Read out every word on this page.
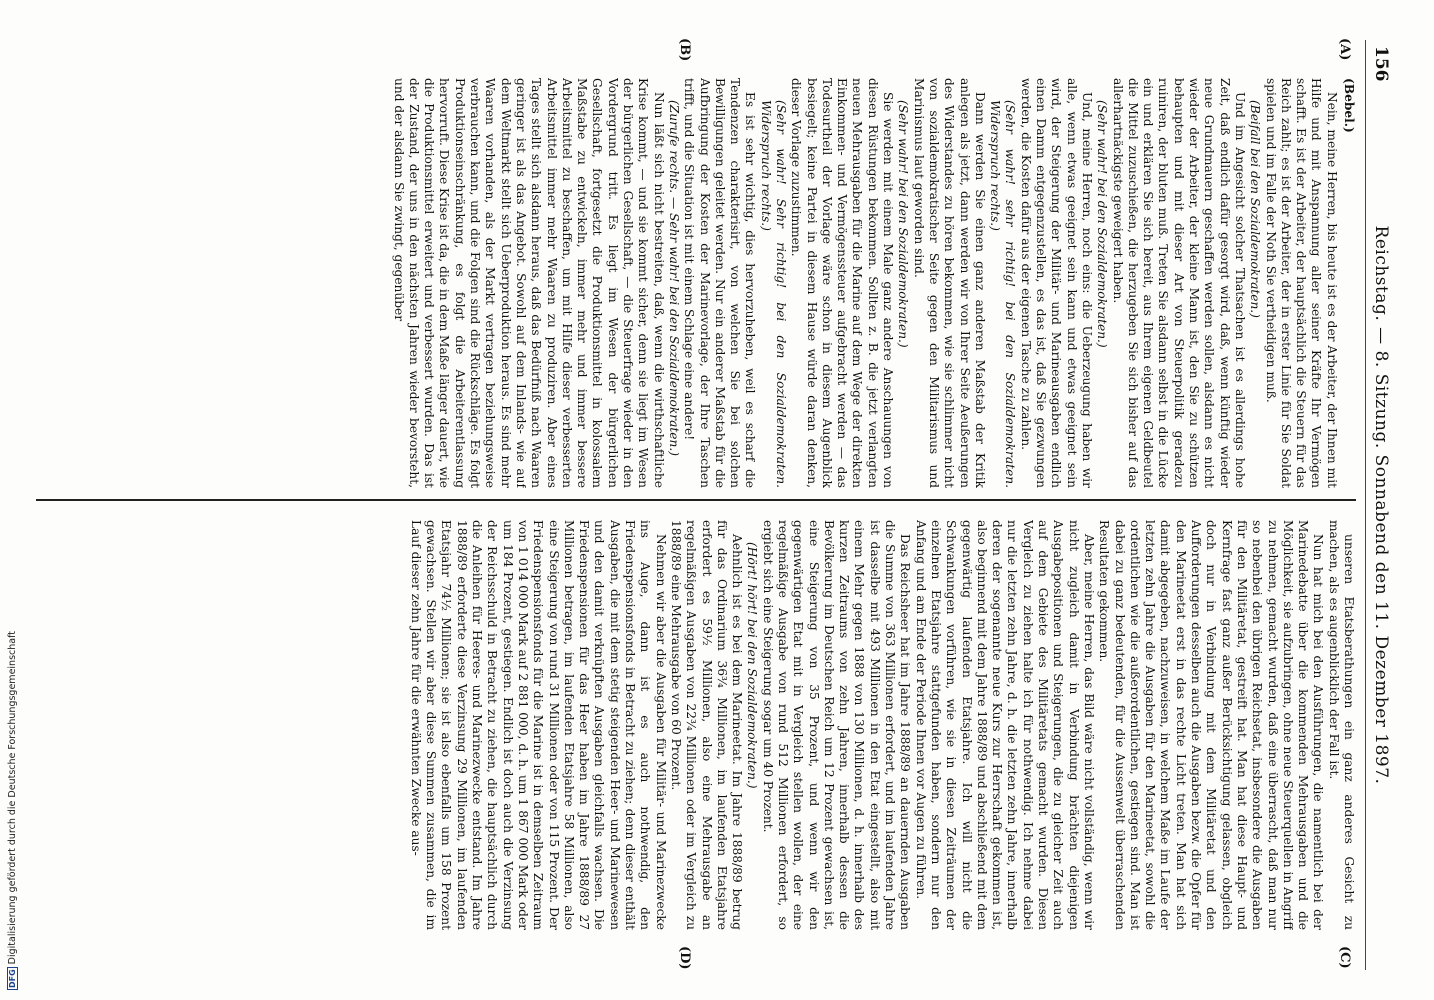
156
Reichstag. — 8. Sitzung. Sonnabend den 11. Dezember 1897.
(A)
(B)
(C)
(D)
(Bebel.)

Nein, meine Herren, bis heute ist es der Arbeiter, der Ihnen mit Hilfe und mit Anspannung aller seiner Kräfte Ihr Vermögen schafft. Es ist der Arbeiter, der hauptsächlich die Steuern für das Reich zahlt; es ist der Arbeiter, der in erster Linie für Sie Soldat spielen und im Falle der Noth Sie vertheidigen muß.

(Beifall bei den Sozialdemokraten.)

Und im Angesicht solcher Thatsachen ist es allerdings hohe Zeit, daß endlich dafür gesorgt wird, daß, wenn künftig wieder neue Grundmauern geschaffen werden sollen, alsdann es nicht wieder der Arbeiter, der kleine Mann ist, den Sie zu schützen behaupten und mit dieser Art von Steuerpolitik geradezu ruiniren, der bluten muß. Treten Sie alsdann selbst in die Lücke ein und erklären Sie sich bereit, aus Ihrem eigenen Geldbeutel die Mittel zuzuschießen, die herzugeben Sie sich bisher auf das allerhartnäckigste geweigert haben.

(Sehr wahr! bei den Sozialdemokraten.)

Und, meine Herren, noch eins: die Ueberzeugung haben wir alle, wenn etwas geeignet sein kann und etwas geeignet sein wird, der Steigerung der Militär- und Marineausgaben endlich einen Damm entgegenzustellen, es das ist, daß Sie gezwungen werden, die Kosten dafür aus der eigenen Tasche zu zahlen.

(Sehr wahr! sehr richtig! bei den Sozialdemokraten. Widerspruch rechts.)

Dann werden Sie einen ganz anderen Maßstab der Kritik anlegen als jetzt, dann werden wir von Ihrer Seite Aeußerungen des Widerstandes zu hören bekommen, wie sie schlimmer nicht von sozialdemokratischer Seite gegen den Militarismus und Marinismus laut geworden sind.

(Sehr wahr! bei den Sozialdemokraten.)

Sie werden mit einem Male ganz andere Anschauungen von diesen Rüstungen bekommen. Sollten z. B. die jetzt verlangten neuen Mehrausgaben für die Marine auf dem Wege der direkten Einkommen- und Vermögenssteuer aufgebracht werden — das Todesurtheil der Vorlage wäre schon in diesem Augenblick besiegelt; keine Partei in diesem Hause würde daran denken, dieser Vorlage zuzustimmen.

(Sehr wahr! Sehr richtig! bei den Sozialdemokraten. Widerspruch rechts.)

Es ist sehr wichtig, dies hervorzuheben, weil es scharf die Tendenzen charakterisirt, von welchen Sie bei solchen Bewilligungen geleitet werden. Nur ein anderer Maßstab für die Aufbringung der Kosten der Marinevorlage, der Ihre Taschen trifft, und die Situation ist mit einem Schlage eine andere!

(Zurufe rechts. — Sehr wahr! bei den Sozialdemokraten.)

Nun läßt sich nicht bestreiten, daß, wenn die wirthschaftliche Krise kommt, — und sie kommt sicher, denn sie liegt im Wesen der bürgerlichen Gesellschaft, — die Steuerfrage wieder in den Vordergrund tritt. Es liegt im Wesen der bürgerlichen Gesellschaft, fortgesetzt die Produktionsmittel in kolossalem Maßstabe zu entwickeln, immer mehr und immer bessere Arbeitsmittel zu beschaffen, um mit Hilfe dieser verbesserten Arbeitsmittel immer mehr Waaren zu produziren. Aber eines Tages stellt sich alsdann heraus, daß das Bedürfniß nach Waaren geringer ist als das Angebot. Sowohl auf dem Inlands- wie auf dem Weltmarkt stellt sich Ueberproduktion heraus. Es sind mehr Waaren vorhanden, als der Markt vertragen beziehungsweise verbrauchen kann, und die Folgen sind die Rückschläge. Es folgt Produktionseinschränkung, es folgt die Arbeiterentlassung hervorruft. Diese Krise ist da, die in dem Maße länger dauert, wie die Produktionsmittel erweitert und verbessert wurden. Das ist der Zustand, der uns in den nächsten Jahren wieder bevorsteht, und der alsdann Sie zwingt, gegenüber

unseren Etatsberathungen ein ganz anderes Gesicht zu machen, als es augenblicklich der Fall ist.

Nun hat mich bei den Ausführungen, die namentlich bei der Marinedebatte über die kommenden Mehrausgaben und die Möglichkeit, sie aufzubringen, ohne neue Steuerquellen in Angriff zu nehmen, gemacht wurden, daß eine überrascht, daß man nur so nebenbei den übrigen Reichsetat, insbesondere die Ausgaben für den Militäretat, gestreift hat. Man hat diese Haupt- und Kernfrage fast ganz außer Berücksichtigung gelassen, obgleich doch nur in Verbindung mit dem Militäretat und den Aufforderungen desselben auch die Ausgaben bezw. die Opfer für den Marineetat erst in das rechte Licht treten. Man hat sich damit abgegeben, nachzuweisen, in welchem Maße im Laufe der letzten zehn Jahre die Ausgaben für den Marineetat, sowohl die ordentlichen wie die außerordentlichen, gestiegen sind. Man ist dabei zu ganz bedeutenden, für die Aussenwelt überraschenden Resultaten gekommen.

Aber, meine Herren, das Bild wäre nicht vollständig, wenn wir nicht zugleich damit in Verbindung brächten diejenigen Ausgabepositionen und Steigerungen, die zu gleicher Zeit auch auf dem Gebiete des Militäretats gemacht wurden. Diesen Vergleich zu ziehen halte ich für nothwendig. Ich nehme dabei nur die letzten zehn Jahre, d. h. die letzten zehn Jahre, innerhalb deren der sogenannte neue Kurs zur Herrschaft gekommen ist, also beginnend mit dem Jahre 1888/89 und abschließend mit dem gegenwärtig laufenden Etatsjahre. Ich will nicht die Schwankungen vorführen, wie sie in diesen Zeiträumen der einzelnen Etatsjahre stattgefunden haben, sondern nur den Anfang und am Ende der Periode Ihnen vor Augen zu führen.

Das Reichsheer hat im Jahre 1888/89 an dauernden Ausgaben die Summe von 363 Millionen erfordert, und im laufenden Jahre ist dasselbe mit 493 Millionen in den Etat eingestellt, also mit einem Mehr gegen 1888 von 130 Millionen, d. h. innerhalb des kurzen Zeitraums von zehn Jahren, innerhalb dessen die Bevölkerung im Deutschen Reich um 12 Prozent gewachsen ist, eine Steigerung von 35 Prozent, und wenn wir den gegenwärtigen Etat mit in Vergleich stellen wollen, der eine regelmäßige Ausgabe von rund 512 Millionen erfordert, so ergiebt sich eine Steigerung sogar um 40 Prozent.

(Hört! hört! bei den Sozialdemokraten.)

Aehnlich ist es bei dem Marineetat. Im Jahre 1888/89 betrug für das Ordinarium 36¾ Millionen, im laufenden Etatsjahre erfordert es 59½ Millionen, also eine Mehrausgabe an regelmäßigen Ausgaben von 22¾ Millionen oder im Vergleich zu 1888/89 eine Mehrausgabe von 60 Prozent.

Nehmen wir aber die Ausgaben für Militär- und Marinezwecke ins Auge, dann ist es auch nothwendig, den Friedenspensionsfonds in Betracht zu ziehen; denn dieser enthält Ausgaben, die mit dem stetig steigenden Heer- und Marinewesen und den damit verknüpften Ausgaben gleichfalls wachsen. Die Friedenspensionen für das Heer haben im Jahre 1888/89 27 Millionen betragen, im laufenden Etatsjahre 58 Millionen, also eine Steigerung von rund 31 Millionen oder von 115 Prozent. Der Friedenspensionsfonds für die Marine ist in demselben Zeitraum von 1 014 000 Mark auf 2 881 000, d. h. um 1 867 000 Mark oder um 184 Prozent, gestiegen. Endlich ist doch auch die Verzinsung der Reichsschuld in Betracht zu ziehen, die hauptsächlich durch die Anleihen für Heeres- und Marinezwecke entstand. Im Jahre 1888/89 erforderte diese Verzinsung 29 Millionen, im laufenden Etatsjahr 74½ Millionen; sie ist also ebenfalls um 158 Prozent gewachsen. Stellen wir aber diese Summen zusammen, die im Lauf dieser zehn Jahre für die erwähnten Zwecke aus-

DFG Digitalisierung gefördert durch die Deutsche Forschungsgemeinschaft
